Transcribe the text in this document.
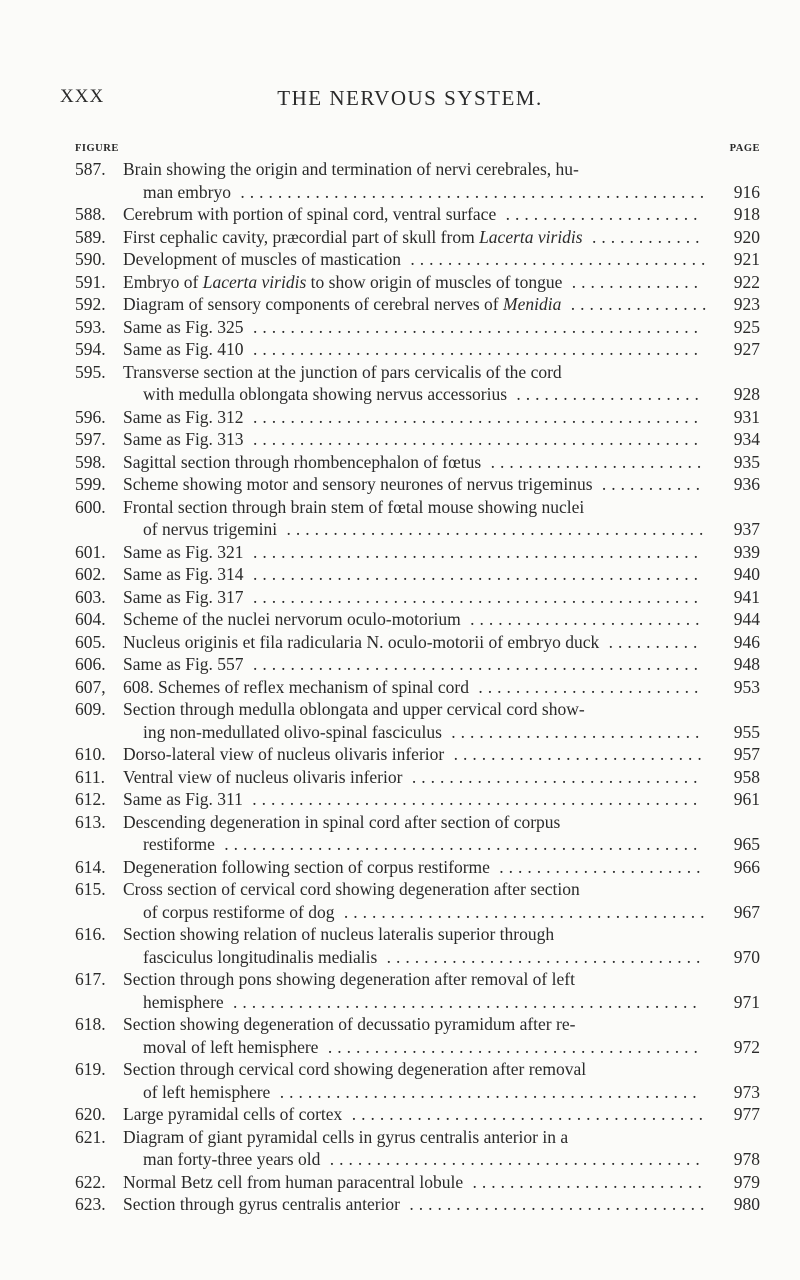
XXX	THE NERVOUS SYSTEM.
FIGURE	PAGE
587. Brain showing the origin and termination of nervi cerebrales, hu-
man embryo ..................................................	916
588. Cerebrum with portion of spinal cord, ventral surface .....................	918
589. First cephalic cavity, præcordial part of skull from Lacerta viridis ............	920
590. Development of muscles of mastication ................................	921
591. Embryo of Lacerta viridis to show origin of muscles of tongue ..............	922
592. Diagram of sensory components of cerebral nerves of Menidia ...............	923
593. Same as Fig. 325 ................................................	925
594. Same as Fig. 410 ................................................	927
595. Transverse section at the junction of pars cervicalis of the cord
with medulla oblongata showing nervus accessorius ....................	928
596. Same as Fig. 312 ................................................	931
597. Same as Fig. 313 ................................................	934
598. Sagittal section through rhombencephalon of fœtus .......................	935
599. Scheme showing motor and sensory neurones of nervus trigeminus ...........	936
600. Frontal section through brain stem of fœtal mouse showing nuclei
of nervus trigemini .............................................	937
601. Same as Fig. 321 ................................................	939
602. Same as Fig. 314 ................................................	940
603. Same as Fig. 317 ................................................	941
604. Scheme of the nuclei nervorum oculo-motorium .........................	944
605. Nucleus originis et fila radicularia N. oculo-motorii of embryo duck ..........	946
606. Same as Fig. 557 ................................................	948
607, 608. Schemes of reflex mechanism of spinal cord ........................	953
609. Section through medulla oblongata and upper cervical cord show-
ing non-medullated olivo-spinal fasciculus ...........................	955
610. Dorso-lateral view of nucleus olivaris inferior ...........................	957
611.	Ventral view of nucleus olivaris inferior ...............................	958
612. Same as Fig. 311 ................................................	961
613. Descending degeneration in spinal cord after section of corpus
restiforme ...................................................	965
614. Degeneration following section of corpus restiforme ......................	966
615. Cross section of cervical cord showing degeneration after section
of corpus restiforme of dog .......................................	967
616. Section showing relation of nucleus lateralis superior through
fasciculus longitudinalis medialis ..................................	970
617. Section through pons showing degeneration after removal of left
hemisphere ..................................................	971
618. Section showing degeneration of decussatio pyramidum after re-
moval of left hemisphere ........................................	972
619. Section through cervical cord showing degeneration after removal
of left hemisphere .............................................	973
620. Large pyramidal cells of cortex ......................................	977
621. Diagram of giant pyramidal cells in gyrus centralis anterior in a
man forty-three years old ........................................	978
622. Normal Betz cell from human paracentral lobule .........................	979
623. Section through gyrus centralis anterior ................................	980
